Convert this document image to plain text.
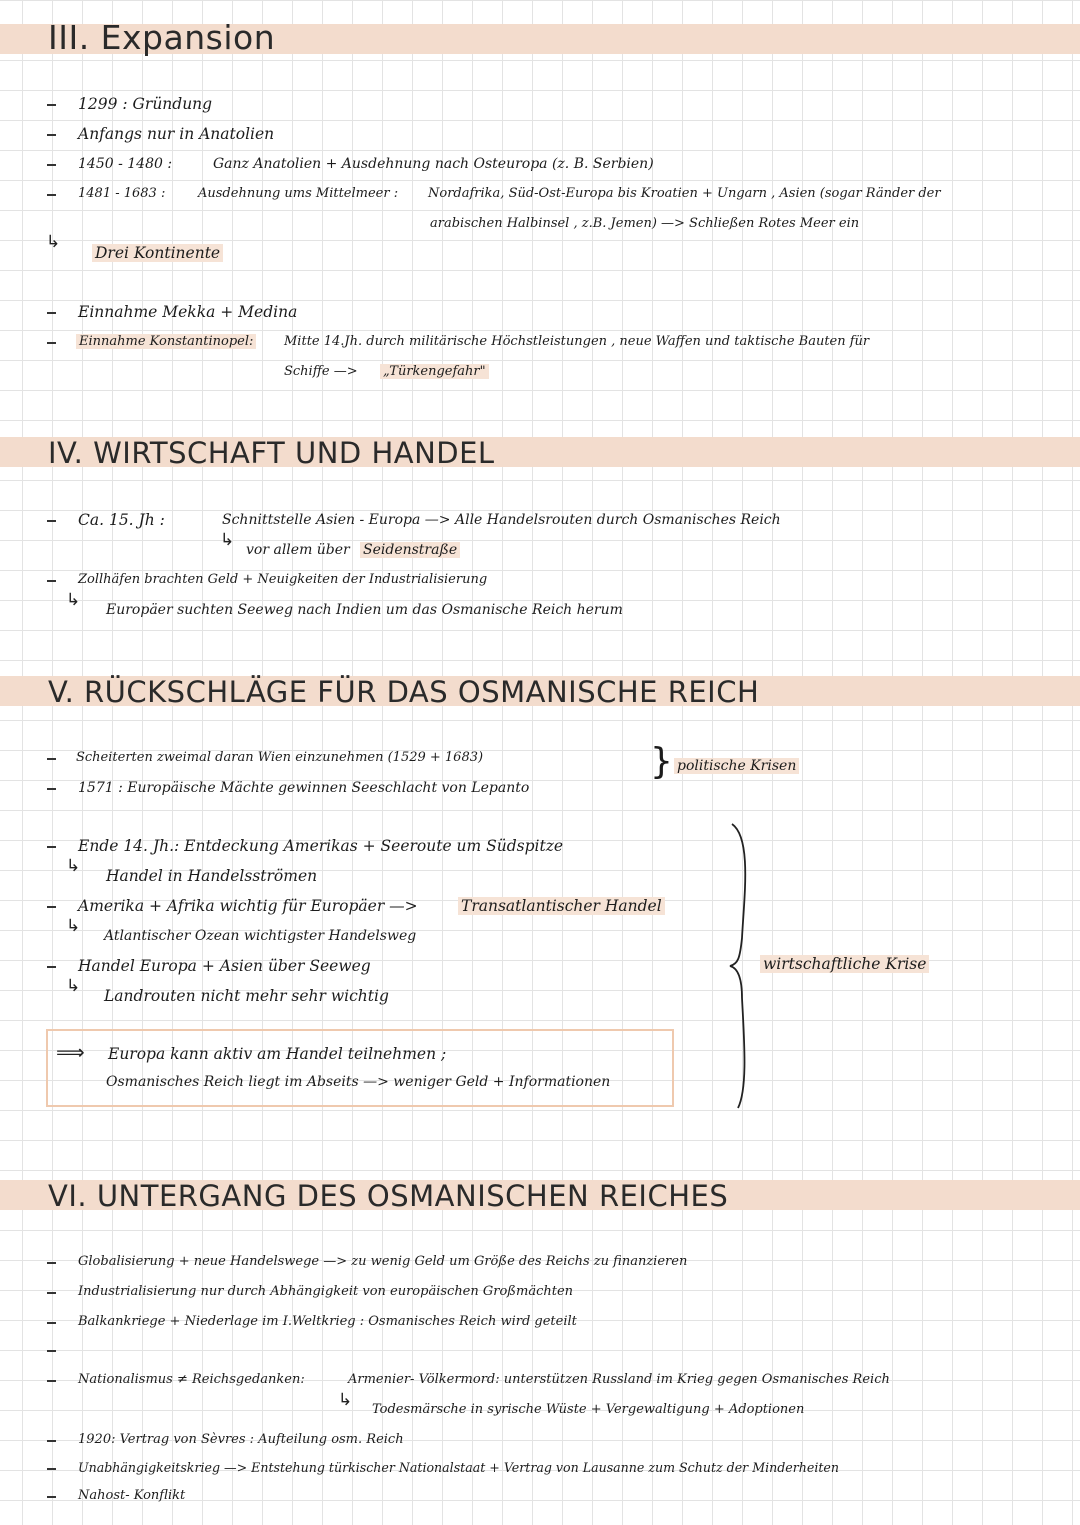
III. Expansion
1299 : Gründung
Anfangs nur in Anatolien
1450 - 1480 :	Ganz Anatolien + Ausdehnung nach Osteuropa (z. B. Serbien)
1481 - 1683 :	Ausdehnung ums Mittelmeer : Nordafrika, Süd-Ost-Europa bis Kroatien + Ungarn , Asien (sogar Ränder der
arabischen Halbinsel , z.B. Jemen) —> Schließen Rotes Meer ein
↳
Drei Kontinente
Einnahme Mekka + Medina
Einnahme Konstantinopel: Mitte 14.Jh. durch militärische Höchstleistungen , neue Waffen und taktische Bauten für
Schiffe —> „Türkengefahr"
IV. WIRTSCHAFT UND HANDEL
Ca. 15. Jh :	Schnittstelle Asien - Europa —> Alle Handelsrouten durch Osmanisches Reich
↳ vor allem über Seidenstraße
Zollhäfen brachten Geld + Neuigkeiten der Industrialisierung
↳ Europäer suchten Seeweg nach Indien um das Osmanische Reich herum
V. RÜCKSCHLÄGE FÜR DAS OSMANISCHE REICH
Scheiterten zweimal daran Wien einzunehmen (1529 + 1683)
1571 : Europäische Mächte gewinnen Seeschlacht von Lepanto
} politische Krisen
Ende 14. Jh.: Entdeckung Amerikas + Seeroute um Südspitze
↳ Handel in Handelsströmen
Amerika + Afrika wichtig für Europäer —>	Transatlantischer Handel
↳ Atlantischer Ozean wichtigster Handelsweg
Handel Europa + Asien über Seeweg
↳ Landrouten nicht mehr sehr wichtig
wirtschaftliche Krise
⟹ Europa kann aktiv am Handel teilnehmen ;
Osmanisches Reich liegt im Abseits —> weniger Geld + Informationen
VI. UNTERGANG DES OSMANISCHEN REICHES
Globalisierung + neue Handelswege —> zu wenig Geld um Größe des Reichs zu finanzieren
Industrialisierung nur durch Abhängigkeit von europäischen Großmächten
Balkankriege + Niederlage im I.Weltkrieg : Osmanisches Reich wird geteilt
Nationalismus ≠ Reichsgedanken:	Armenier- Völkermord: unterstützen Russland im Krieg gegen Osmanisches Reich
↳ Todesmärsche in syrische Wüste + Vergewaltigung + Adoptionen
1920: Vertrag von Sèvres : Aufteilung osm. Reich
Unabhängigkeitskrieg —> Entstehung türkischer Nationalstaat + Vertrag von Lausanne zum Schutz der Minderheiten
Nahost- Konflikt
